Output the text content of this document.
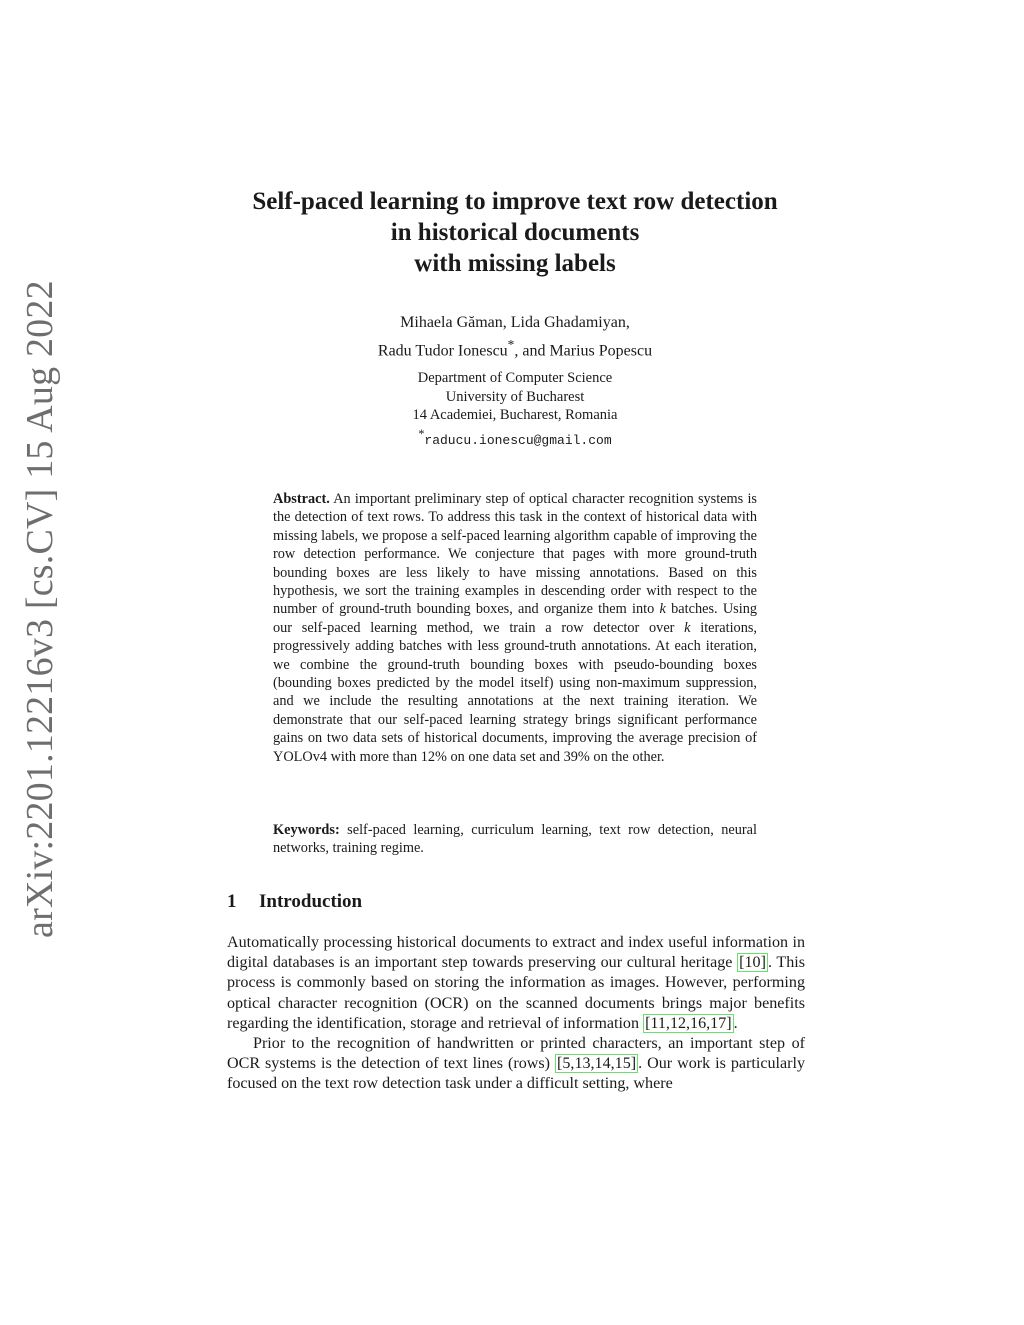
arXiv:2201.12216v3 [cs.CV] 15 Aug 2022
Self-paced learning to improve text row detection
in historical documents
with missing labels
Mihaela Găman, Lida Ghadamiyan,
Radu Tudor Ionescu*, and Marius Popescu
Department of Computer Science
University of Bucharest
14 Academiei, Bucharest, Romania
*raducu.ionescu@gmail.com
Abstract. An important preliminary step of optical character recognition systems is the detection of text rows. To address this task in the context of historical data with missing labels, we propose a self-paced learning algorithm capable of improving the row detection performance. We conjecture that pages with more ground-truth bounding boxes are less likely to have missing annotations. Based on this hypothesis, we sort the training examples in descending order with respect to the number of ground-truth bounding boxes, and organize them into k batches. Using our self-paced learning method, we train a row detector over k iterations, progressively adding batches with less ground-truth annotations. At each iteration, we combine the ground-truth bounding boxes with pseudo-bounding boxes (bounding boxes predicted by the model itself) using non-maximum suppression, and we include the resulting annotations at the next training iteration. We demonstrate that our self-paced learning strategy brings significant performance gains on two data sets of historical documents, improving the average precision of YOLOv4 with more than 12% on one data set and 39% on the other.
Keywords: self-paced learning, curriculum learning, text row detection, neural networks, training regime.
1 Introduction

Automatically processing historical documents to extract and index useful information in digital databases is an important step towards preserving our cultural heritage [10] . This process is commonly based on storing the information as images. However, performing optical character recognition (OCR) on the scanned documents brings major benefits regarding the identification, storage and retrieval of information [11,12,16,17] .

Prior to the recognition of handwritten or printed characters, an important step of OCR systems is the detection of text lines (rows) [5,13,14,15] . Our work is particularly focused on the text row detection task under a difficult setting, where
